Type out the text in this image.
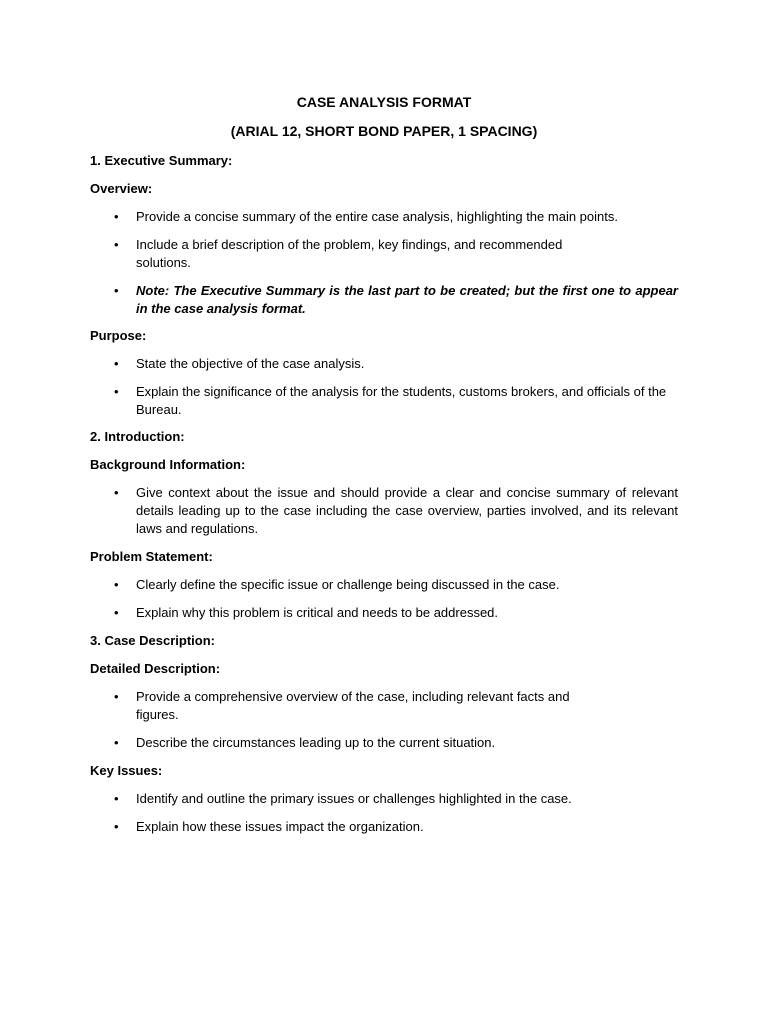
CASE ANALYSIS FORMAT
(ARIAL 12, SHORT BOND PAPER, 1 SPACING)
1. Executive Summary:
Overview:
• Provide a concise summary of the entire case analysis, highlighting the main points.
• Include a brief description of the problem, key findings, and recommended solutions.
• Note: The Executive Summary is the last part to be created; but the first one to appear in the case analysis format.
Purpose:
• State the objective of the case analysis.
• Explain the significance of the analysis for the students, customs brokers, and officials of the Bureau.
2. Introduction:
Background Information:
• Give context about the issue and should provide a clear and concise summary of relevant details leading up to the case including the case overview, parties involved, and its relevant laws and regulations.
Problem Statement:
• Clearly define the specific issue or challenge being discussed in the case.
• Explain why this problem is critical and needs to be addressed.
3. Case Description:
Detailed Description:
• Provide a comprehensive overview of the case, including relevant facts and figures.
• Describe the circumstances leading up to the current situation.
Key Issues:
• Identify and outline the primary issues or challenges highlighted in the case.
• Explain how these issues impact the organization.
